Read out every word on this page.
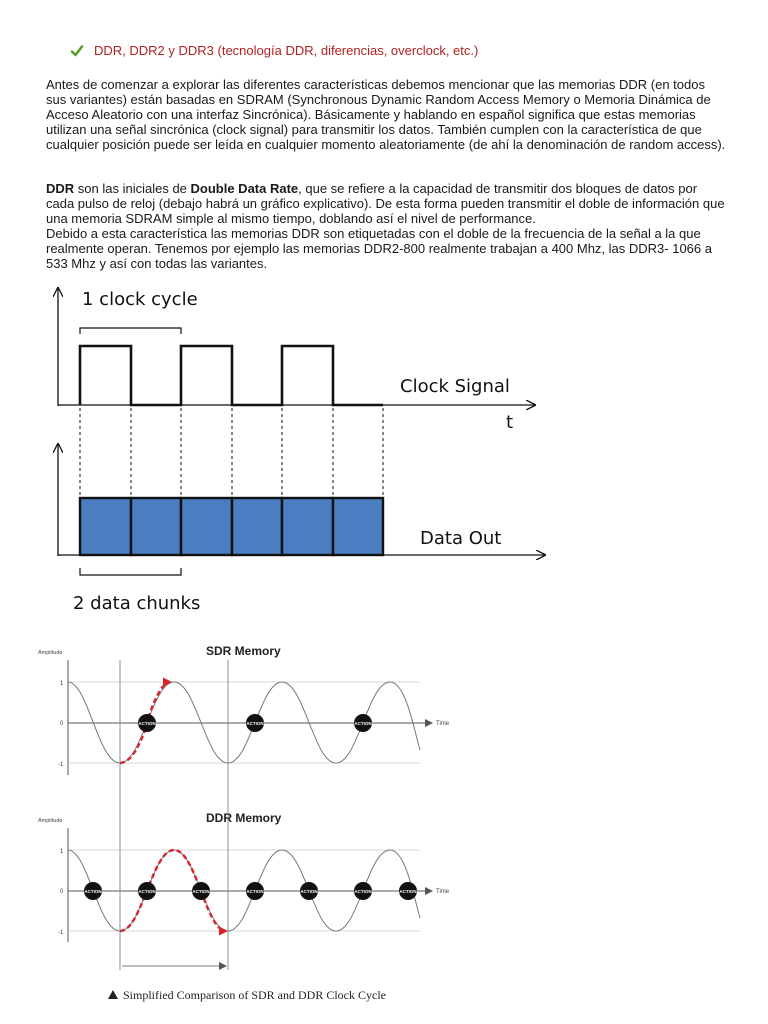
DDR, DDR2 y DDR3 (tecnología DDR, diferencias, overclock, etc.)

Antes de comenzar a explorar las diferentes características debemos mencionar que las memorias DDR (en todos sus variantes) están basadas en SDRAM (Synchronous Dynamic Random Access Memory o Memoria Dinámica de Acceso Aleatorio con una interfaz Sincrónica). Básicamente y hablando en español significa que estas memorias utilizan una señal sincrónica (clock signal) para transmitir los datos. También cumplen con la característica de que cualquier posición puede ser leída en cualquier momento aleatoriamente (de ahí la denominación de random access).

DDR son las iniciales de Double Data Rate, que se refiere a la capacidad de transmitir dos bloques de datos por cada pulso de reloj (debajo habrá un gráfico explicativo). De esta forma pueden transmitir el doble de información que una memoria SDRAM simple al mismo tiempo, doblando así el nivel de performance.
Debido a esta característica las memorias DDR son etiquetadas con el doble de la frecuencia de la señal a la que realmente operan. Tenemos por ejemplo las memorias DDR2-800 realmente trabajan a 400 Mhz, las DDR3- 1066 a 533 Mhz y así con todas las variantes.

1 clock cycle
Clock Signal
t
Data Out
2 data chunks
SDR Memory
Amplitude
Time
1
0
-1
DDR Memory
Amplitude
Time
1
0
-1
ACTION	ACTION	ACTION
ACTION	ACTION	ACTION	ACTION	ACTION	ACTION	ACTION
Simplified Comparison of SDR and DDR Clock Cycle
